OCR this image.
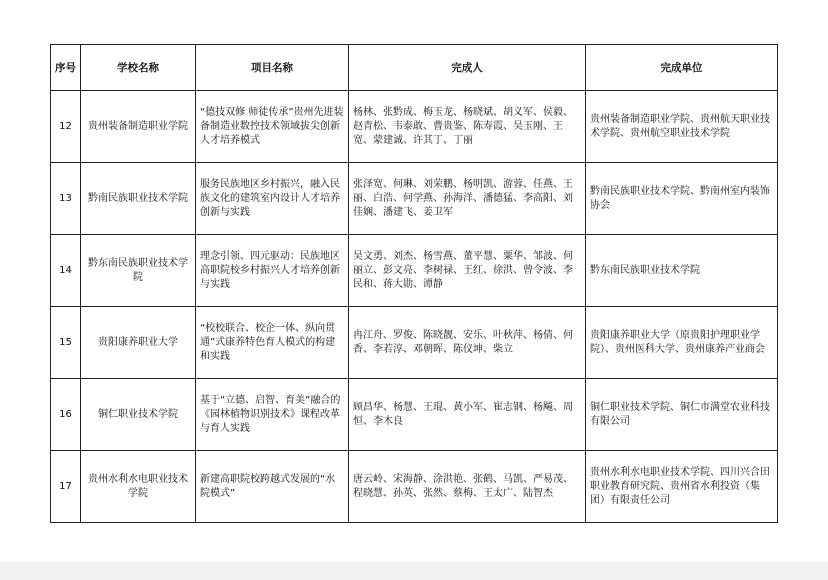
序号	学校名称	项目名称	完成人	完成单位
12	贵州装备制造职业学院	“德技双修 师徒传承”贵州先进装备制造业数控技术领域拔尖创新人才培养模式	杨林、张黔成、梅玉龙、杨晓斌、胡义军、侯毅、赵青松、韦泰敢、曹贵鉴、陈寿霞、吴玉刚、王宽、蒙建诚、许其丁、丁丽	贵州装备制造职业学院、贵州航天职业技术学院、贵州航空职业技术学院
13	黔南民族职业技术学院	服务民族地区乡村振兴，融入民族文化的建筑室内设计人才培养创新与实践	张泽宽、何琳、刘荣鹏、杨明凯、游蓉、任燕、王丽、白浩、何学燕、孙海洋、潘德猛、李高阳、刘佳娴、潘建飞、姜卫军	黔南民族职业技术学院、黔南州室内装饰协会
14	黔东南民族职业技术学院	理念引领、四元驱动：民族地区高职院校乡村振兴人才培养创新与实践	吴文勇、刘杰、杨雪燕、董平慧、粟华、邹波、何丽立、彭文亮、李树禄、王红、徐洪、曾令波、李民和、蒋大勋、谭静	黔东南民族职业技术学院
15	贵阳康养职业大学	“校校联合、校企一体、纵向贯通”式康养特色育人模式的构建和实践	冉江舟、罗俊、陈晓靓、安乐、叶秋萍、杨倩、何香、李若淳、邓朝晖、陈仪坤、柴立	贵阳康养职业大学（原贵阳护理职业学院）、贵州医科大学、贵州康养产业商会
16	铜仁职业技术学院	基于“立德、启智、育美”融合的《园林植物识别技术》课程改革与育人实践	顾昌华、杨慧、王琨、黄小军、崔志钢、杨飚、周恒、李木良	铜仁职业技术学院、铜仁市满堂农业科技有限公司
17	贵州水利水电职业技术学院	新建高职院校跨越式发展的“水院模式”	唐云岭、宋海静、涂洪艳、张鹤、马凯、严易茂、程晓慧、孙英、张然、蔡梅、王太广、陆智杰	贵州水利水电职业技术学院、四川兴合田职业教育研究院、贵州省水利投资（集团）有限责任公司
